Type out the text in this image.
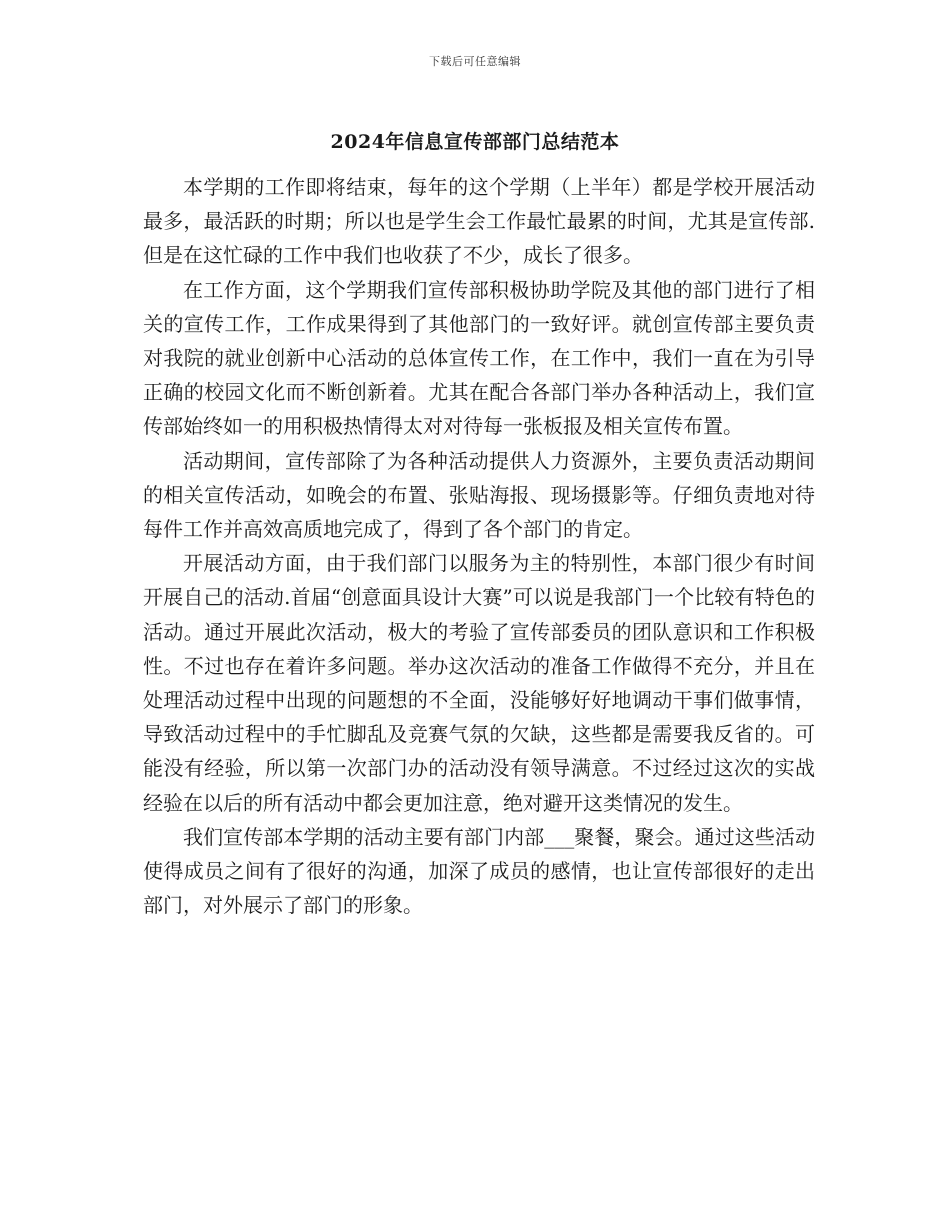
下载后可任意编辑
2024年信息宣传部部门总结范本

本学期的工作即将结束，每年的这个学期（上半年）都是学校开展活动最多，最活跃的时期；所以也是学生会工作最忙最累的时间，尤其是宣传部.但是在这忙碌的工作中我们也收获了不少，成长了很多。

在工作方面，这个学期我们宣传部积极协助学院及其他的部门进行了相关的宣传工作，工作成果得到了其他部门的一致好评。就创宣传部主要负责对我院的就业创新中心活动的总体宣传工作，在工作中，我们一直在为引导正确的校园文化而不断创新着。尤其在配合各部门举办各种活动上，我们宣传部始终如一的用积极热情得太对对待每一张板报及相关宣传布置。

活动期间，宣传部除了为各种活动提供人力资源外，主要负责活动期间的相关宣传活动，如晚会的布置、张贴海报、现场摄影等。仔细负责地对待每件工作并高效高质地完成了，得到了各个部门的肯定。

开展活动方面，由于我们部门以服务为主的特别性，本部门很少有时间开展自己的活动.首届“创意面具设计大赛”可以说是我部门一个比较有特色的活动。通过开展此次活动，极大的考验了宣传部委员的团队意识和工作积极性。不过也存在着许多问题。举办这次活动的准备工作做得不充分，并且在处理活动过程中出现的问题想的不全面，没能够好好地调动干事们做事情，导致活动过程中的手忙脚乱及竞赛气氛的欠缺，这些都是需要我反省的。可能没有经验，所以第一次部门办的活动没有领导满意。不过经过这次的实战经验在以后的所有活动中都会更加注意，绝对避开这类情况的发生。

我们宣传部本学期的活动主要有部门内部___聚餐，聚会。通过这些活动使得成员之间有了很好的沟通，加深了成员的感情，也让宣传部很好的走出部门，对外展示了部门的形象。
